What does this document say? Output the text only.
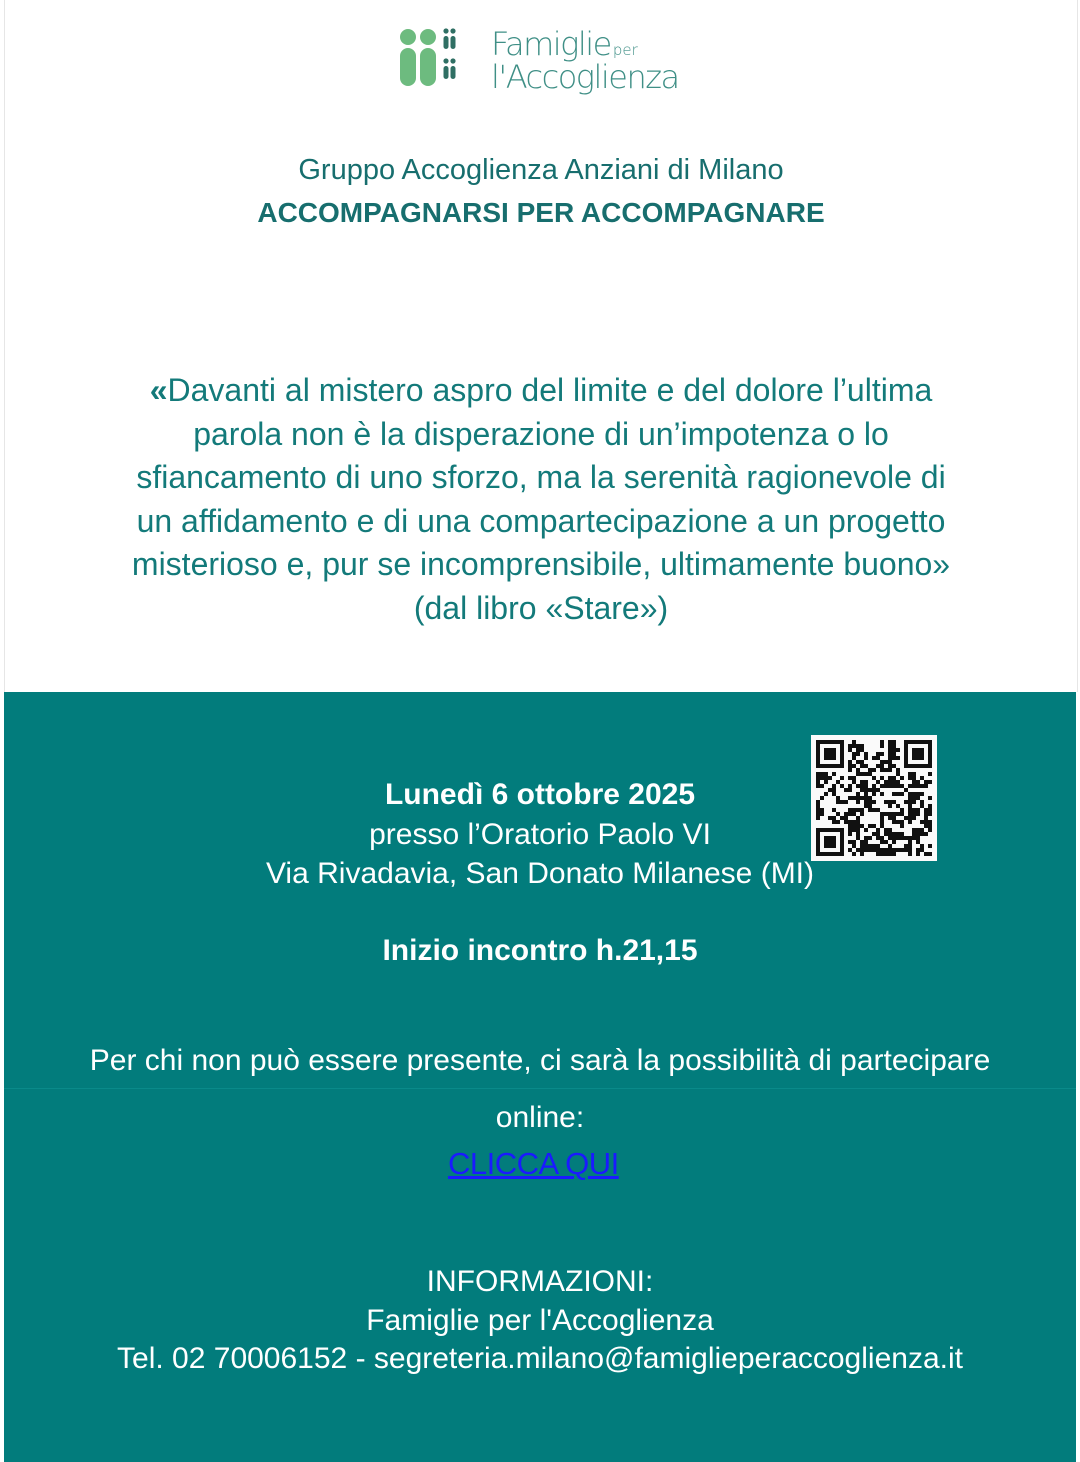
Famiglie per
l'Accoglienza
Gruppo Accoglienza Anziani di Milano
ACCOMPAGNARSI PER ACCOMPAGNARE
«Davanti al mistero aspro del limite e del dolore l’ultima
parola non è la disperazione di un’impotenza o lo
sfiancamento di uno sforzo, ma la serenità ragionevole di
un affidamento e di una compartecipazione a un progetto
misterioso e, pur se incomprensibile, ultimamente buono»
(dal libro «Stare»)
Lunedì 6 ottobre 2025
presso l’Oratorio Paolo VI
Via Rivadavia, San Donato Milanese (MI)
Inizio incontro h.21,15
Per chi non può essere presente, ci sarà la possibilità di partecipare
online:
CLICCA QUI
INFORMAZIONI:
Famiglie per l'Accoglienza
Tel. 02 70006152 - segreteria.milano@famiglieperaccoglienza.it
